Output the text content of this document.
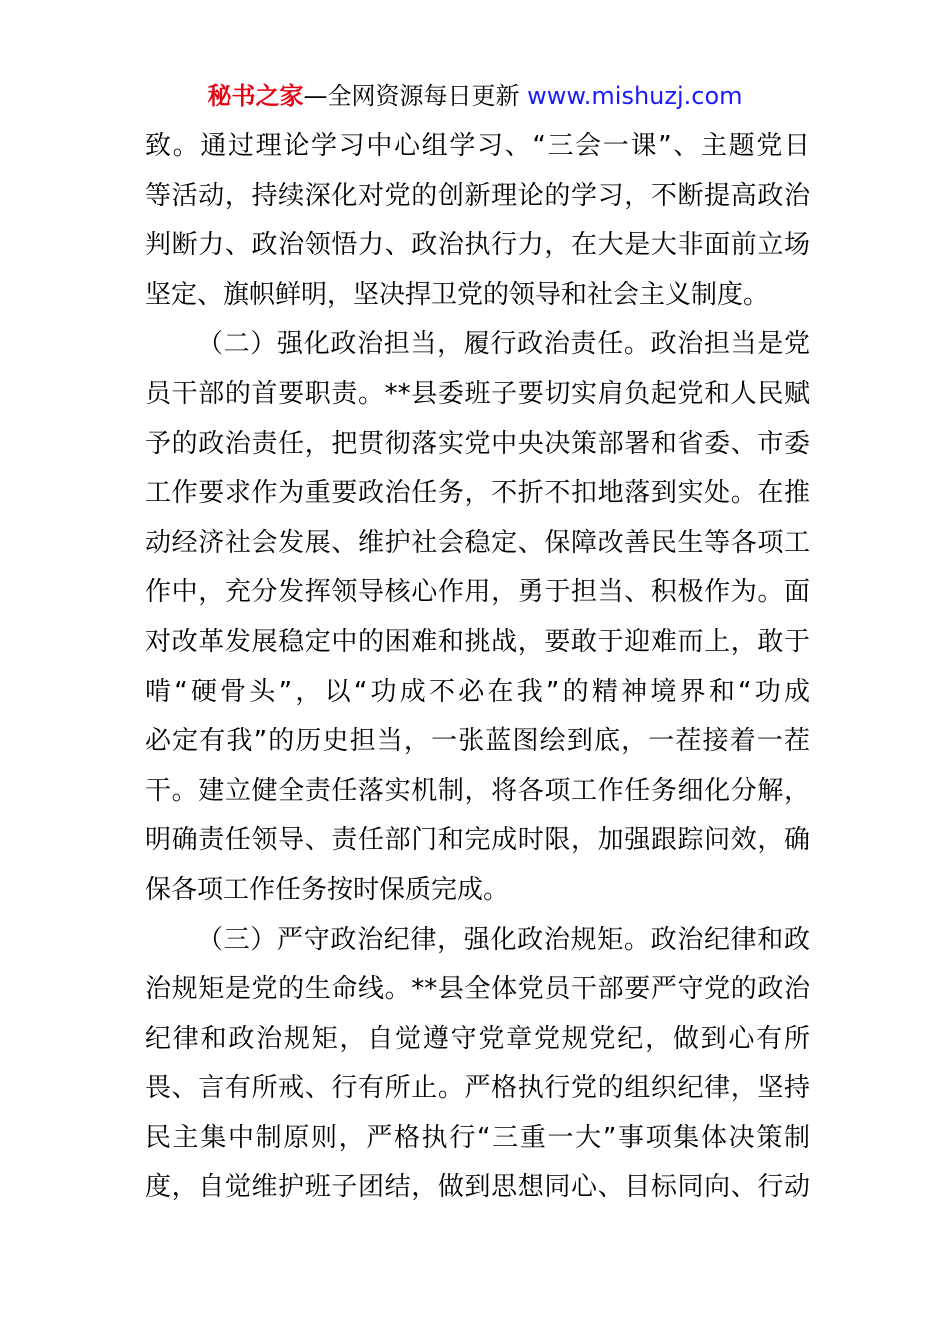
秘书之家—全网资源每日更新 www.mishuzj.com
致。通过理论学习中心组学习、“三会一课”、主题党日
等活动，持续深化对党的创新理论的学习，不断提高政治
判断力、政治领悟力、政治执行力，在大是大非面前立场
坚定、旗帜鲜明，坚决捍卫党的领导和社会主义制度。
（二）强化政治担当，履行政治责任。政治担当是党
员干部的首要职责。**县委班子要切实肩负起党和人民赋
予的政治责任，把贯彻落实党中央决策部署和省委、市委
工作要求作为重要政治任务，不折不扣地落到实处。在推
动经济社会发展、维护社会稳定、保障改善民生等各项工
作中，充分发挥领导核心作用，勇于担当、积极作为。面
对改革发展稳定中的困难和挑战，要敢于迎难而上，敢于
啃“硬骨头”，以“功成不必在我”的精神境界和“功成
必定有我”的历史担当，一张蓝图绘到底，一茬接着一茬
干。建立健全责任落实机制，将各项工作任务细化分解，
明确责任领导、责任部门和完成时限，加强跟踪问效，确
保各项工作任务按时保质完成。
（三）严守政治纪律，强化政治规矩。政治纪律和政
治规矩是党的生命线。**县全体党员干部要严守党的政治
纪律和政治规矩，自觉遵守党章党规党纪，做到心有所
畏、言有所戒、行有所止。严格执行党的组织纪律，坚持
民主集中制原则，严格执行“三重一大”事项集体决策制
度，自觉维护班子团结，做到思想同心、目标同向、行动
